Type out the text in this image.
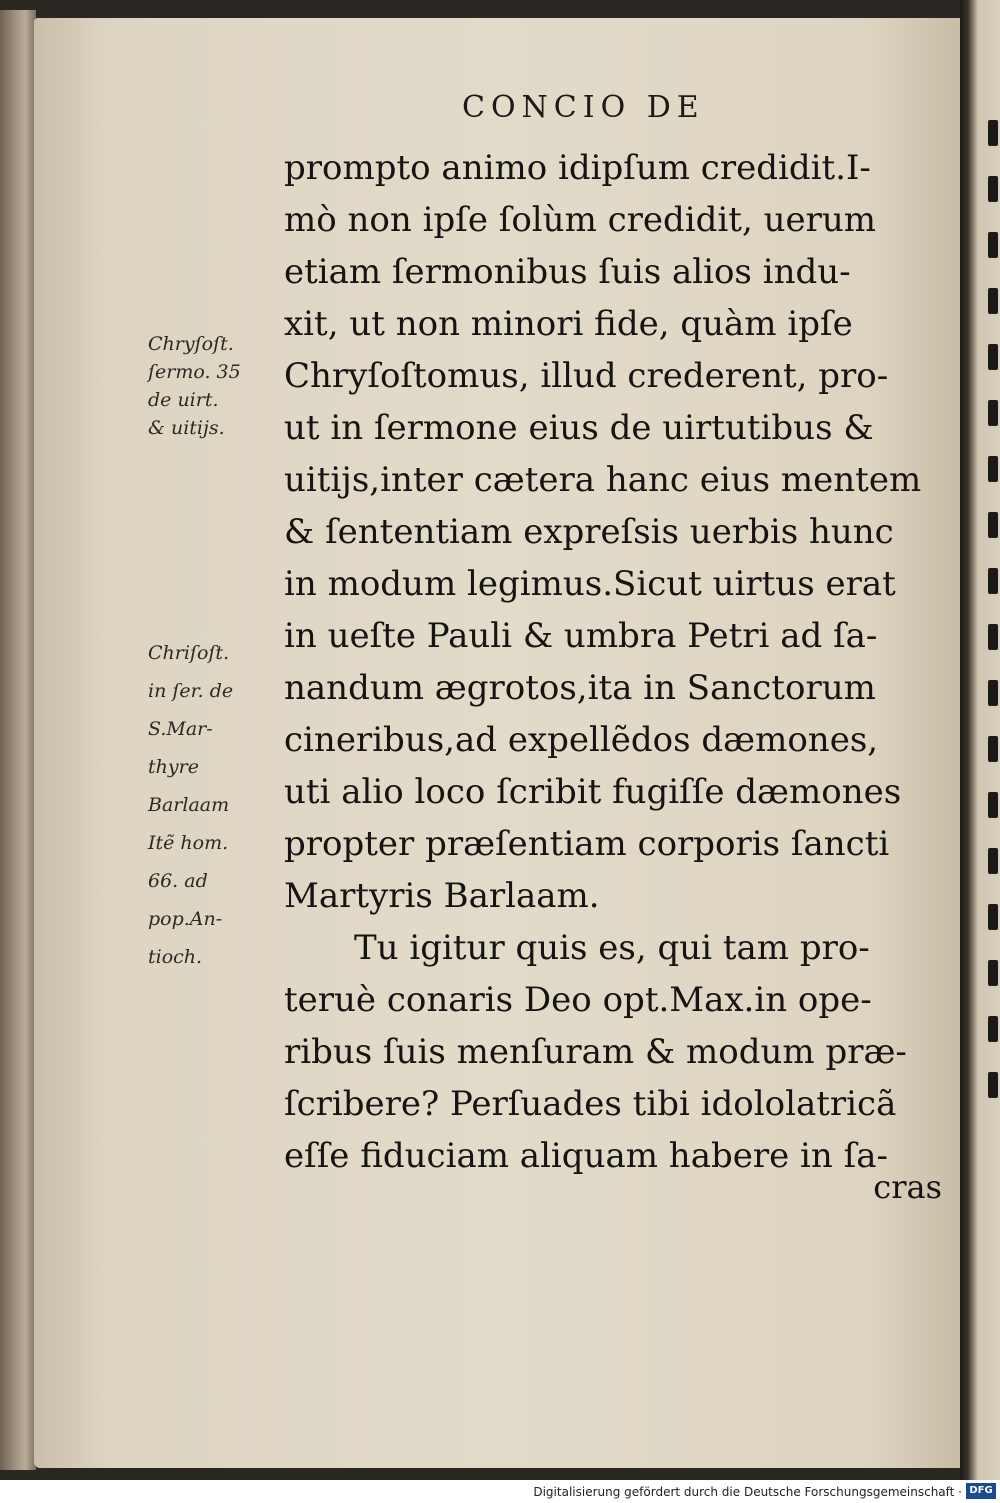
CONCIO DE
prompto animo idipſum credidit.I-
mò non ipſe ſolùm credidit, uerum
etiam ſermonibus ſuis alios indu-
xit, ut non minori fide, quàm ipſe
Chryſoſtomus, illud crederent, pro-
ut in ſermone eius de uirtutibus &
uitijs,inter cætera hanc eius mentem
& ſententiam expreſsis uerbis hunc
in modum legimus.Sicut uirtus erat
in ueſte Pauli & umbra Petri ad ſa-
nandum ægrotos,ita in Sanctorum
cineribus,ad expellẽdos dæmones,
uti alio loco ſcribit fugiſſe dæmones
propter præſentiam corporis ſancti
Martyris Barlaam.
Tu igitur quis es, qui tam pro-
teruè conaris Deo opt.Max.in ope-
ribus ſuis menſuram & modum præ-
ſcribere? Perſuades tibi idololatricã
eſſe fiduciam aliquam habere in ſa-
Chryſoſt.
ſermo. 35
de uirt.
& uitijs.
Chriſoſt.
in ſer. de
S.Mar-
thyre
Barlaam
Itẽ hom.
66. ad
pop.An-
tioch.
cras
Digitalisierung gefördert durch die Deutsche Forschungsgemeinschaft · DFG
